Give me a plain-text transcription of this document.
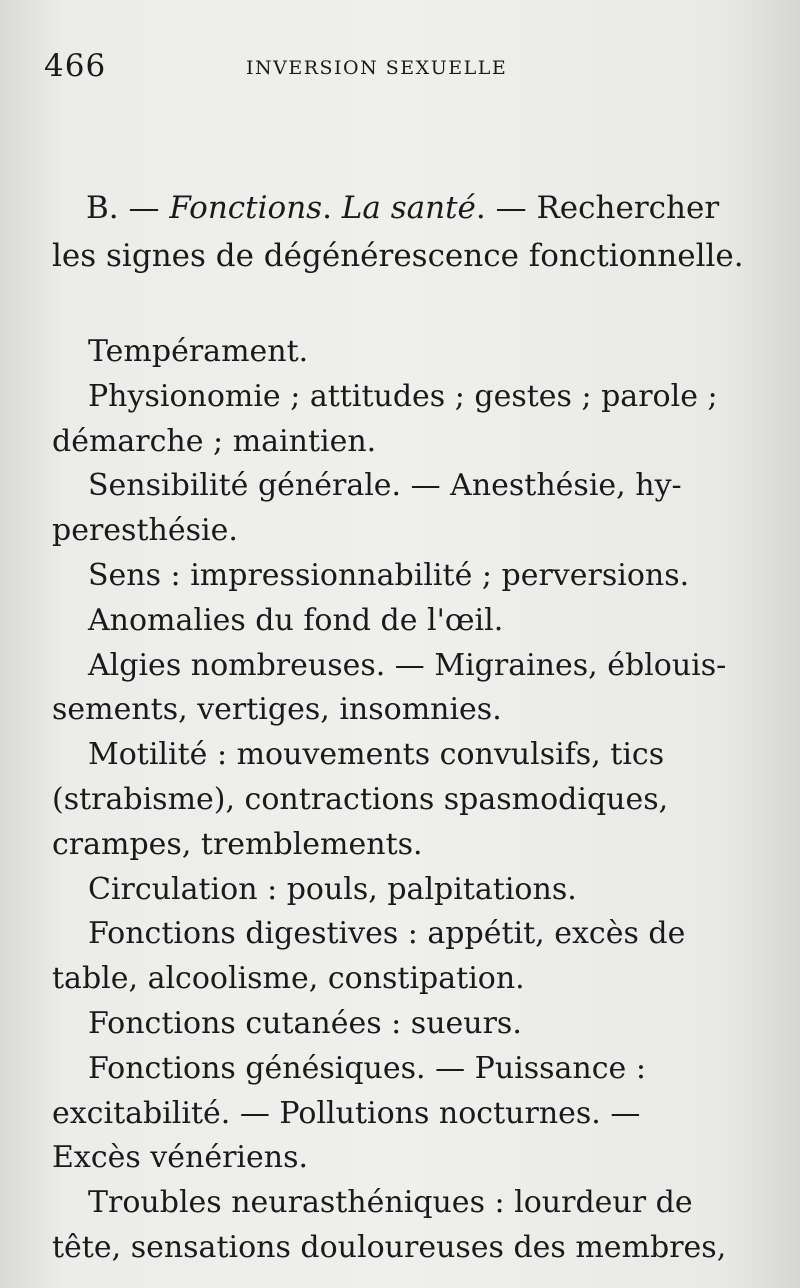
466	INVERSION SEXUELLE
B. — Fonctions. La santé. — Rechercher
les signes de dégénérescence fonctionnelle.

Tempérament.

Physionomie ; attitudes ; gestes ; parole ;
démarche ; maintien.

Sensibilité générale. — Anesthésie, hy-
peresthésie.

Sens : impressionnabilité ; perversions.

Anomalies du fond de l'œil.

Algies nombreuses. — Migraines, éblouis-
sements, vertiges, insomnies.

Motilité : mouvements convulsifs, tics
(strabisme), contractions spasmodiques,
crampes, tremblements.

Circulation : pouls, palpitations.

Fonctions digestives : appétit, excès de
table, alcoolisme, constipation.

Fonctions cutanées : sueurs.

Fonctions génésiques. — Puissance :
excitabilité. — Pollutions nocturnes. —
Excès vénériens.

Troubles neurasthéniques : lourdeur de
tête, sensations douloureuses des membres,
